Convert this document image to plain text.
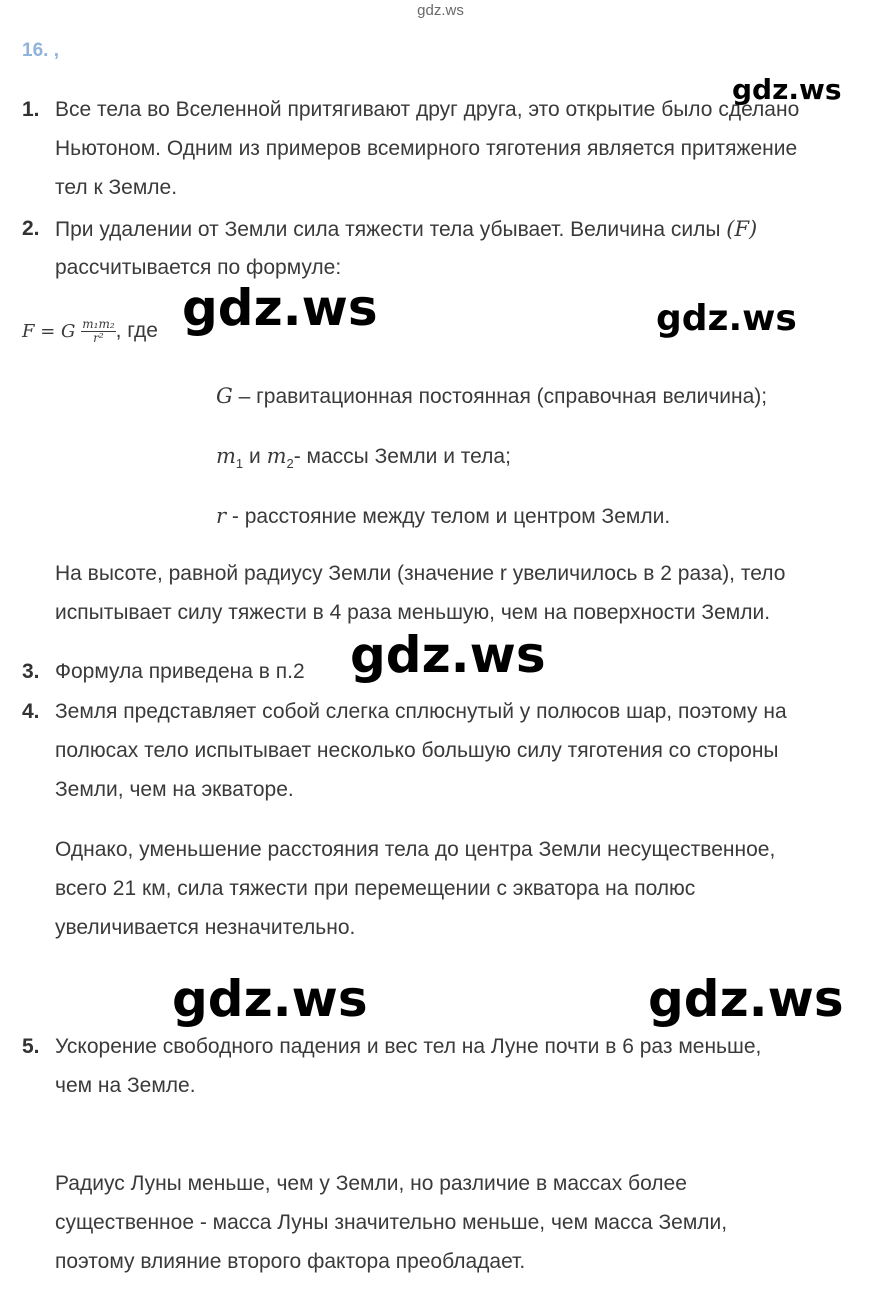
gdz.ws
16. ,
1. Все тела во Вселенной притягивают друг друга, это открытие было сделано
Ньютоном. Одним из примеров всемирного тяготения является притяжение
тел к Земле.
2. При удалении от Земли сила тяжести тела убывает. Величина силы (F)
рассчитывается по формуле:
F = G $\frac{\text{m₁m₂}}{\text{r²}}$ , где
G – гравитационная постоянная (справочная величина);
$m_1$ и $m_2-$ массы Земли и тела;
r - расстояние между телом и центром Земли.
На высоте, равной радиусу Земли (значение r увеличилось в 2 раза), тело
испытывает силу тяжести в 4 раза меньшую, чем на поверхности Земли.
3. Формула приведена в п.2
4. Земля представляет собой слегка сплюснутый у полюсов шар, поэтому на
полюсах тело испытывает несколько большую силу тяготения со стороны
Земли, чем на экваторе.
Однако, уменьшение расстояния тела до центра Земли несущественное,
всего 21 км, сила тяжести при перемещении с экватора на полюс
увеличивается незначительно.
5. Ускорение свободного падения и вес тел на Луне почти в 6 раз меньше,
чем на Земле.
Радиус Луны меньше, чем у Земли, но различие в массах более
существенное - масса Луны значительно меньше, чем масса Земли,
поэтому влияние второго фактора преобладает.
gdz.ws
gdz.ws	gdz.ws
gdz.ws
gdz.ws	gdz.ws
